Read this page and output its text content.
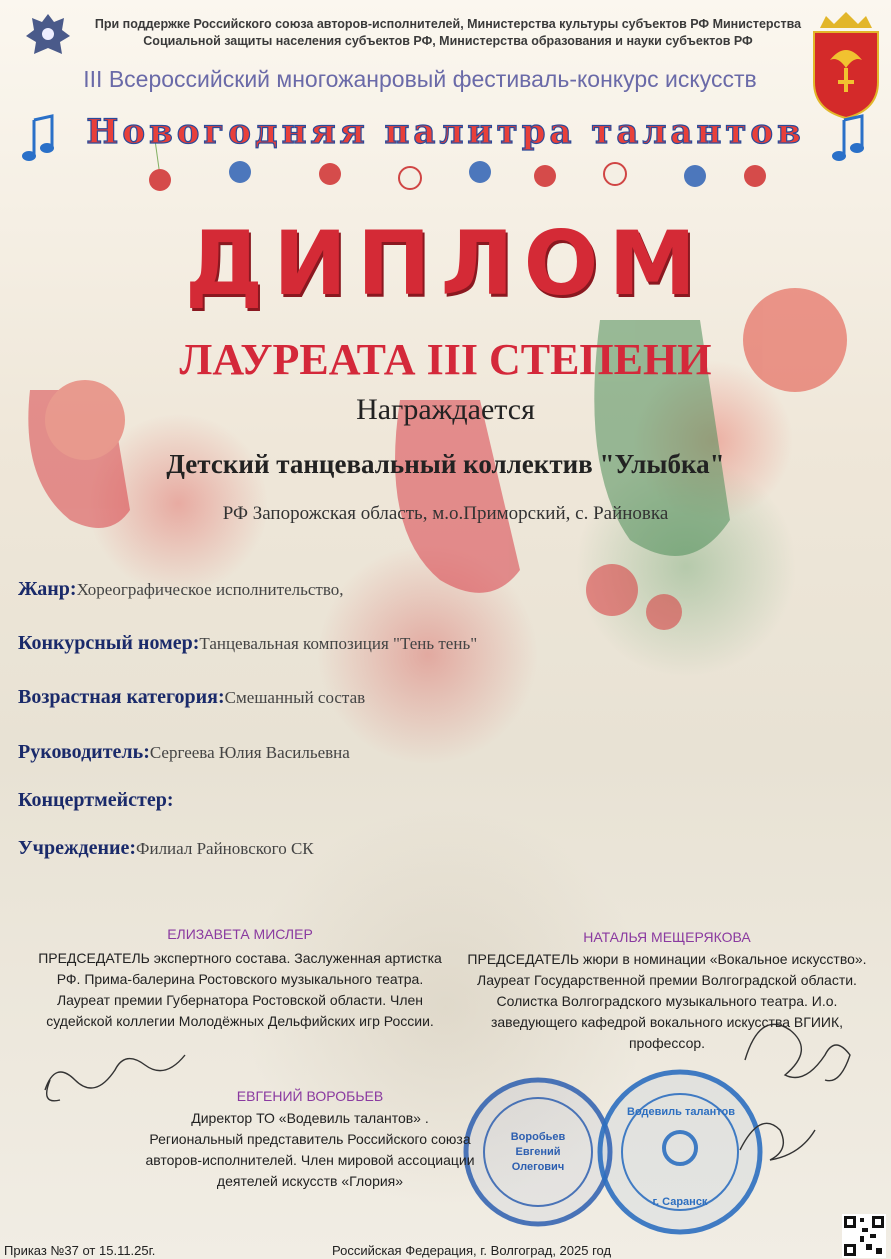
При поддержке Российского союза авторов-исполнителей, Министерства культуры субъектов РФ Министерства
Социальной защиты населения субъектов РФ, Министерства образования и науки субъектов РФ
III Всероссийский многожанровый фестиваль-конкурс искусств
Новогодняя палитра талантов
ДИПЛОМ
ЛАУРЕАТА III СТЕПЕНИ
Награждается
Детский танцевальный коллектив "Улыбка"
РФ Запорожская область, м.о.Приморский, с. Райновка
Жанр:Хореографическое исполнительство,
Конкурсный номер:Танцевальная композиция "Тень тень"
Возрастная категория:Смешанный состав
Руководитель:Сергеева Юлия Васильевна
Концертмейстер:
Учреждение:Филиал Райновского СК
ЕЛИЗАВЕТА МИСЛЕР
ПРЕДСЕДАТЕЛЬ экспертного состава. Заслуженная артистка
РФ. Прима-балерина Ростовского музыкального театра.
Лауреат премии Губернатора Ростовской области. Член
судейской коллегии Молодёжных Дельфийских игр России.
НАТАЛЬЯ МЕЩЕРЯКОВА
ПРЕДСЕДАТЕЛЬ жюри в номинации «Вокальное искусство».
Лауреат Государственной премии Волгоградской области.
Солистка Волгоградского музыкального театра. И.о.
заведующего кафедрой вокального искусства ВГИИК,
профессор.
ЕВГЕНИЙ ВОРОБЬЕВ
Директор ТО «Водевиль талантов» .
Региональный представитель Российского союза
авторов-исполнителей. Член мировой ассоциации
деятелей искусств «Глория»
Воробьев
Евгений
Олегович
Водевиль талантов
г. Саранск
Приказ №37 от 15.11.25г.	Российская Федерация, г. Волгоград, 2025 год
